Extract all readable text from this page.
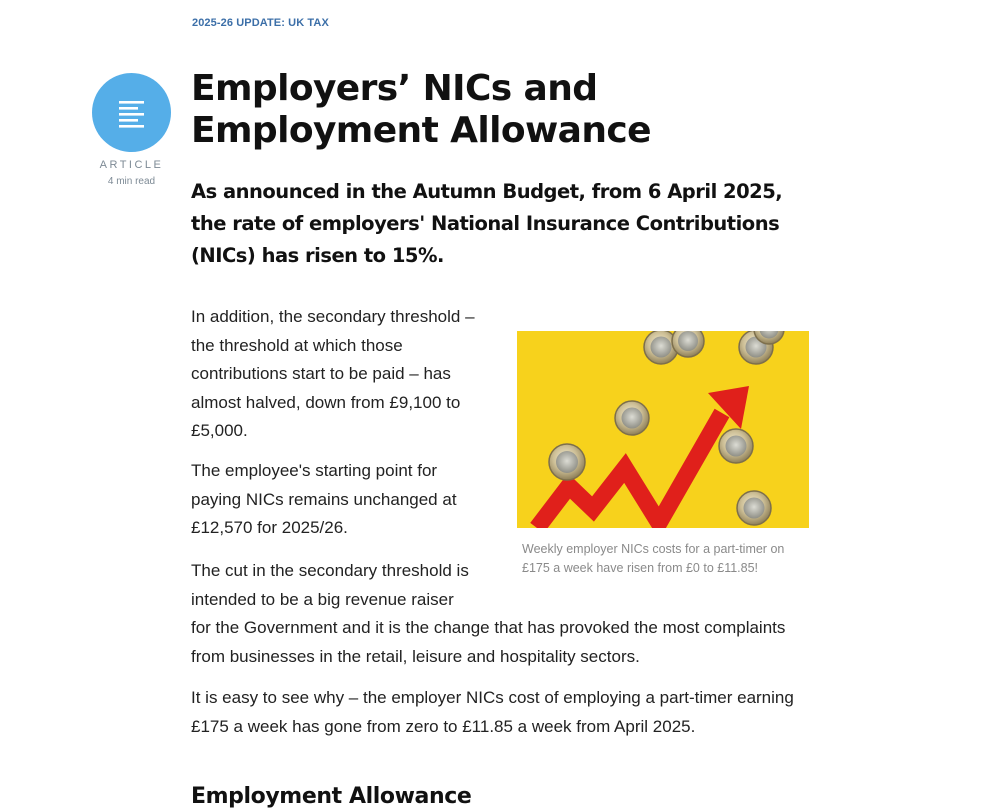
2025-26 UPDATE: UK TAX
ARTICLE
4 min read
Employers’ NICs and Employment Allowance

As announced in the Autumn Budget, from 6 April 2025, the rate of employers' National Insurance Contributions (NICs) has risen to 15%.

In addition, the secondary threshold – the threshold at which those contributions start to be paid – has almost halved, down from £9,100 to £5,000.

The employee's starting point for paying NICs remains unchanged at £12,570 for 2025/26.

The cut in the secondary threshold is intended to be a big revenue raiser

for the Government and it is the change that has provoked the most complaints from businesses in the retail, leisure and hospitality sectors.

It is easy to see why – the employer NICs cost of employing a part-timer earning £175 a week has gone from zero to £11.85 a week from April 2025.

Weekly employer NICs costs for a part-timer on £175 a week have risen from £0 to £11.85!

Employment Allowance
